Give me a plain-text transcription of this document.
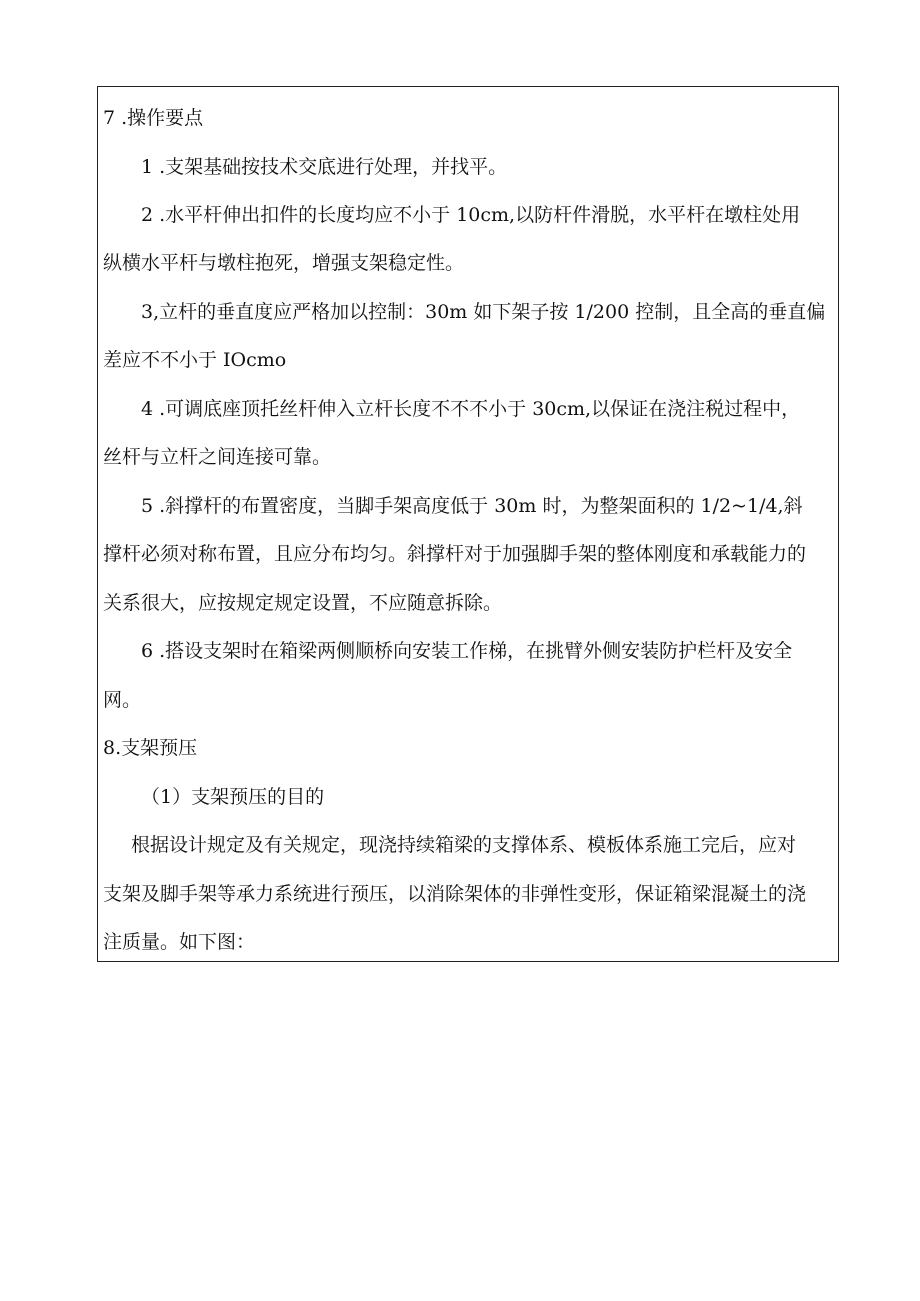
7 .操作要点
1 .支架基础按技术交底进行处理，并找平。
2 .水平杆伸出扣件的长度均应不小于 10cm,以防杆件滑脱，水平杆在墩柱处用
纵横水平杆与墩柱抱死，增强支架稳定性。
3,立杆的垂直度应严格加以控制：30m 如下架子按 1/200 控制，且全高的垂直偏
差应不不小于 IOcmo
4 .可调底座顶托丝杆伸入立杆长度不不不小于 30cm,以保证在浇注税过程中，
丝杆与立杆之间连接可靠。
5 .斜撑杆的布置密度，当脚手架高度低于 30m 时，为整架面积的 1/2~1/4,斜
撑杆必须对称布置，且应分布均匀。斜撑杆对于加强脚手架的整体刚度和承载能力的
关系很大，应按规定规定设置，不应随意拆除。
6 .搭设支架时在箱梁两侧顺桥向安装工作梯，在挑臂外侧安装防护栏杆及安全
网。
8.支架预压
（1）支架预压的目的
根据设计规定及有关规定，现浇持续箱梁的支撑体系、模板体系施工完后，应对
支架及脚手架等承力系统进行预压，以消除架体的非弹性变形，保证箱梁混凝土的浇
注质量。如下图：
